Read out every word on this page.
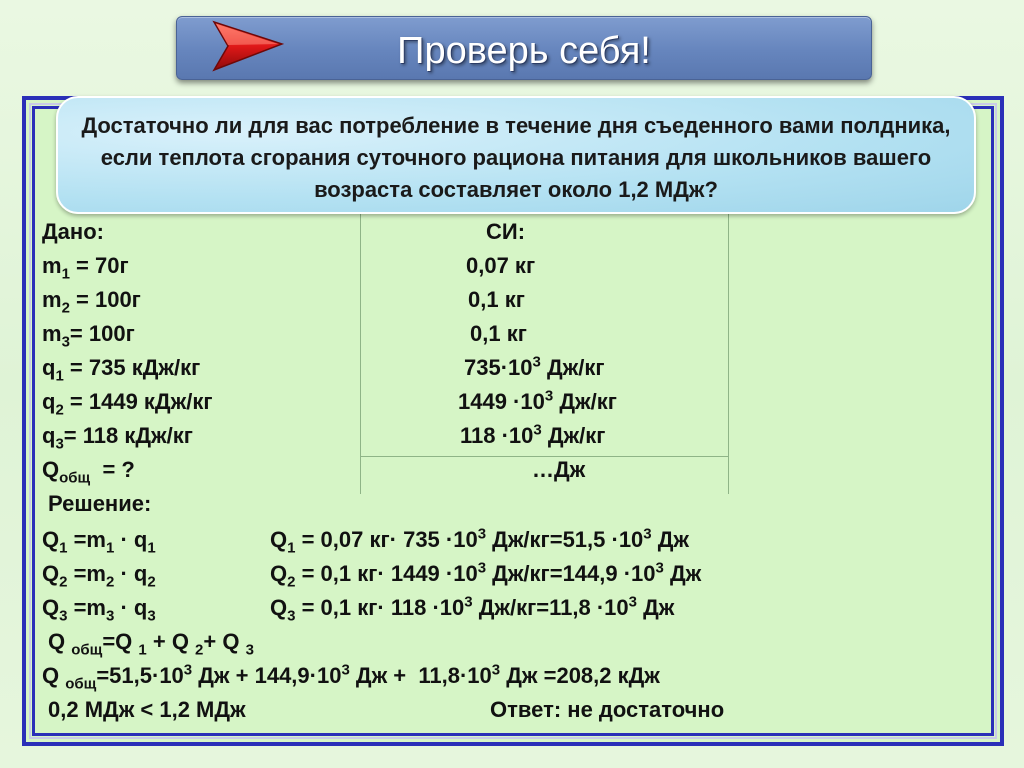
Проверь себя!
Достаточно ли для вас потребление в течение дня съеденного вами полдника, если теплота сгорания суточного рациона питания для школьников вашего возраста составляет около 1,2 МДж?
Дано:	СИ:
$m_1 = 70г$	0,07 кг
$m_2 = 100г$	0,1 кг
$m_3= 100г$	0,1 кг
$q_1 = 735$ кДж/кг	$735\cdot 10^3$ Дж/кг
$q_2 = 1449$ кДж/кг	$1449 \cdot 10^3$ Дж/кг
$q_3= 118$ кДж/кг	$118 \cdot 10^3$ Дж/кг
$Q_{общ}$  = ?	…Дж
Решение:
$Q_1 =m_1 \cdot q_1$	$Q_1 = 0,07$ $кг\cdot 735 \cdot 10^3$ $Дж/кг=51,5 \cdot 10^3$ Дж
$Q_2 =m_2 \cdot q_2$	$Q_2 = 0,1$ $кг\cdot 1449 \cdot 10^3$ $Дж/кг=144,9 \cdot 10^3$ Дж
$Q_3 =m_3 \cdot q_3$	$Q_3 = 0,1$ $кг\cdot 118 \cdot 10^3$ $Дж/кг=11,8 \cdot 10^3$ Дж
Q $_{общ}$=Q $_1$ + Q $_2$+ Q $_3$
Q $_{общ}=51,5\cdot 10^3$ Дж + $144,9\cdot 10^3$ Дж +  $11,8\cdot 10^3$ Дж =208,2 кДж
0,2 МДж < 1,2 МДж	Ответ: не достаточно
